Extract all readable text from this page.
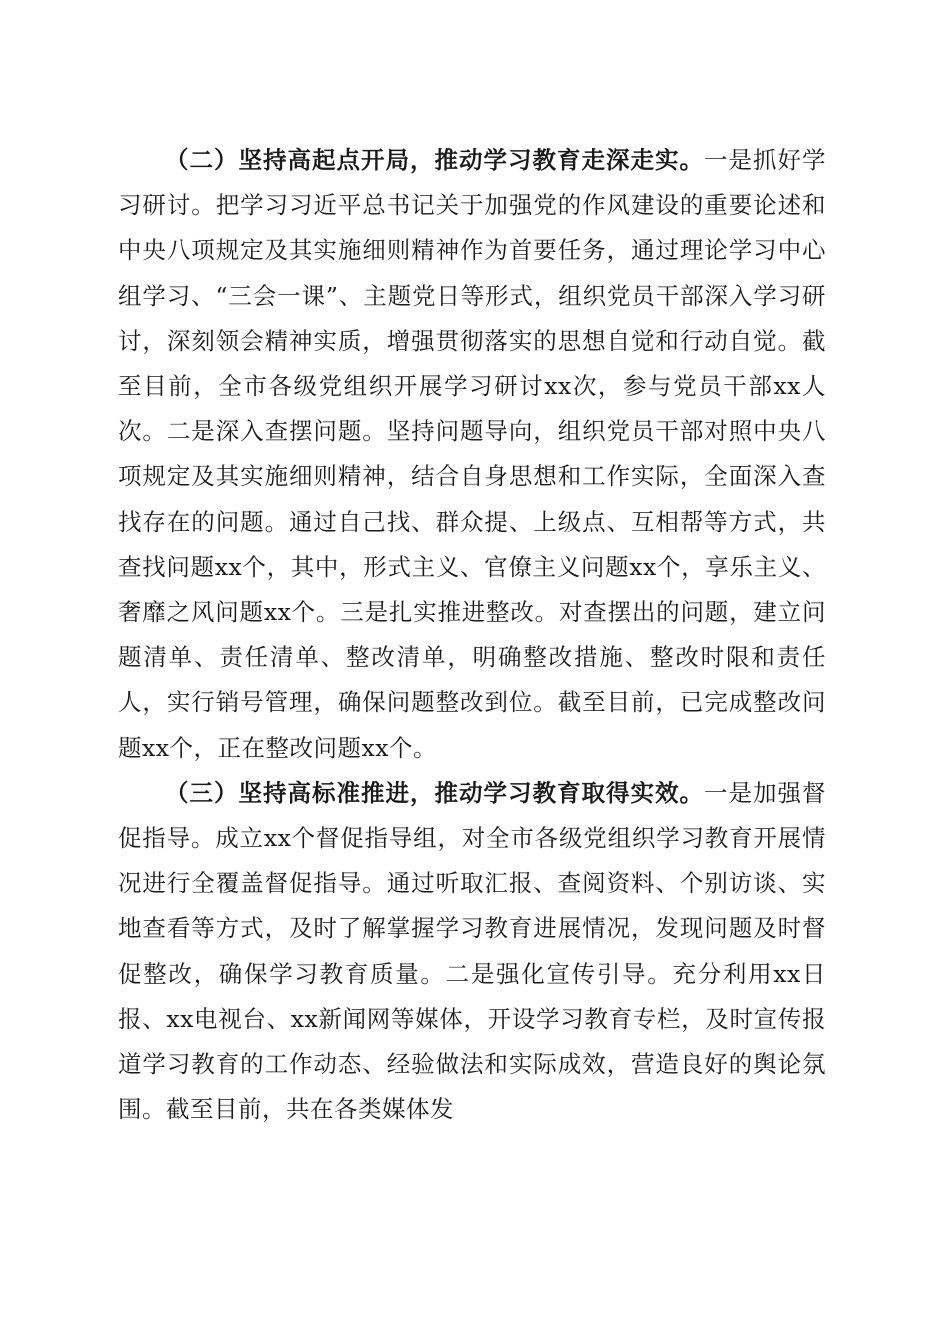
（二）坚持高起点开局，推动学习教育走深走实。一是抓好学习研讨。把学习习近平总书记关于加强党的作风建设的重要论述和中央八项规定及其实施细则精神作为首要任务，通过理论学习中心组学习、“三会一课”、主题党日等形式，组织党员干部深入学习研讨，深刻领会精神实质，增强贯彻落实的思想自觉和行动自觉。截至目前，全市各级党组织开展学习研讨xx次，参与党员干部xx人次。二是深入查摆问题。坚持问题导向，组织党员干部对照中央八项规定及其实施细则精神，结合自身思想和工作实际，全面深入查找存在的问题。通过自己找、群众提、上级点、互相帮等方式，共查找问题xx个，其中，形式主义、官僚主义问题xx个，享乐主义、奢靡之风问题xx个。三是扎实推进整改。对查摆出的问题，建立问题清单、责任清单、整改清单，明确整改措施、整改时限和责任人，实行销号管理，确保问题整改到位。截至目前，已完成整改问题xx个，正在整改问题xx个。

（三）坚持高标准推进，推动学习教育取得实效。一是加强督促指导。成立xx个督促指导组，对全市各级党组织学习教育开展情况进行全覆盖督促指导。通过听取汇报、查阅资料、个别访谈、实地查看等方式，及时了解掌握学习教育进展情况，发现问题及时督促整改，确保学习教育质量。二是强化宣传引导。充分利用xx日报、xx电视台、xx新闻网等媒体，开设学习教育专栏，及时宣传报道学习教育的工作动态、经验做法和实际成效，营造良好的舆论氛围。截至目前，共在各类媒体发
